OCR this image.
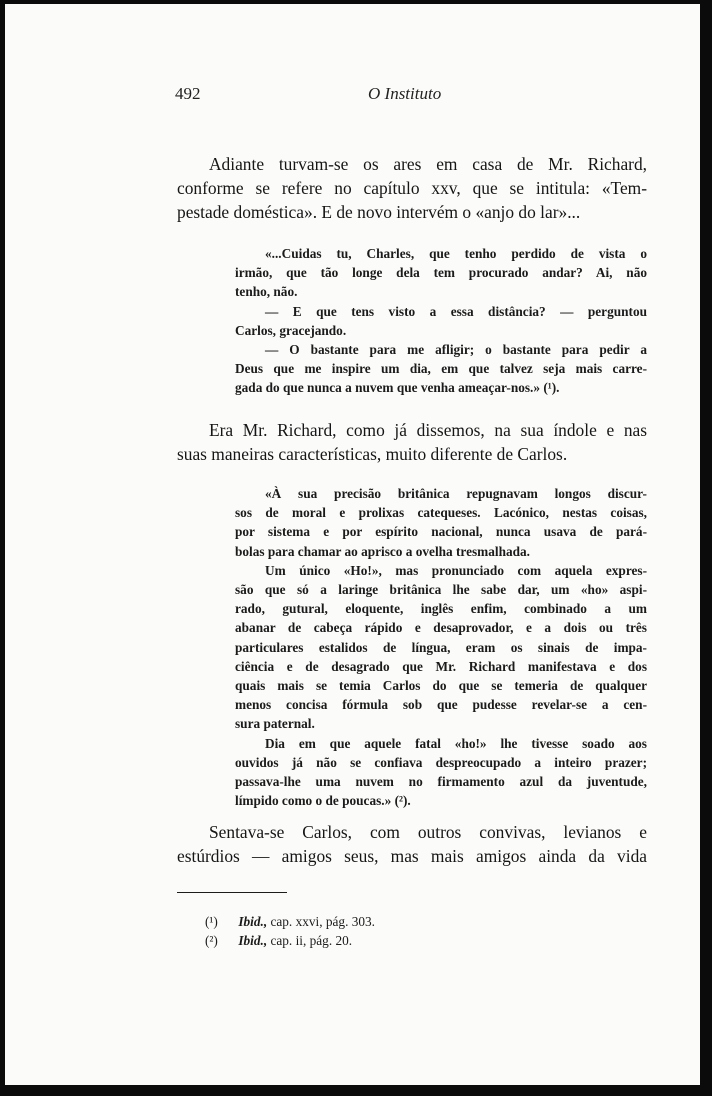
492	O Instituto
Adiante turvam-se os ares em casa de Mr. Richard,
conforme se refere no capítulo xxv, que se intitula: «Tem-
pestade doméstica». E de novo intervém o «anjo do lar»...
«...Cuidas tu, Charles, que tenho perdido de vista o
irmão, que tão longe dela tem procurado andar? Ai, não
tenho, não.
— E que tens visto a essa distância? — perguntou
Carlos, gracejando.
— O bastante para me afligir; o bastante para pedir a
Deus que me inspire um dia, em que talvez seja mais carre-
gada do que nunca a nuvem que venha ameaçar-nos.» (¹).
Era Mr. Richard, como já dissemos, na sua índole e nas
suas maneiras características, muito diferente de Carlos.
«À sua precisão britânica repugnavam longos discur-
sos de moral e prolixas catequeses. Lacónico, nestas coisas,
por sistema e por espírito nacional, nunca usava de pará-
bolas para chamar ao aprisco a ovelha tresmalhada.
Um único «Ho!», mas pronunciado com aquela expres-
são que só a laringe britânica lhe sabe dar, um «ho» aspi-
rado, gutural, eloquente, inglês enfim, combinado a um
abanar de cabeça rápido e desaprovador, e a dois ou três
particulares estalidos de língua, eram os sinais de impa-
ciência e de desagrado que Mr. Richard manifestava e dos
quais mais se temia Carlos do que se temeria de qualquer
menos concisa fórmula sob que pudesse revelar-se a cen-
sura paternal.
Dia em que aquele fatal «ho!» lhe tivesse soado aos
ouvidos já não se confiava despreocupado a inteiro prazer;
passava-lhe uma nuvem no firmamento azul da juventude,
límpido como o de poucas.» (²).
Sentava-se Carlos, com outros convivas, levianos e
estúrdios — amigos seus, mas mais amigos ainda da vida
(¹) Ibid., cap. xxvi, pág. 303.
(²) Ibid., cap. ii, pág. 20.
